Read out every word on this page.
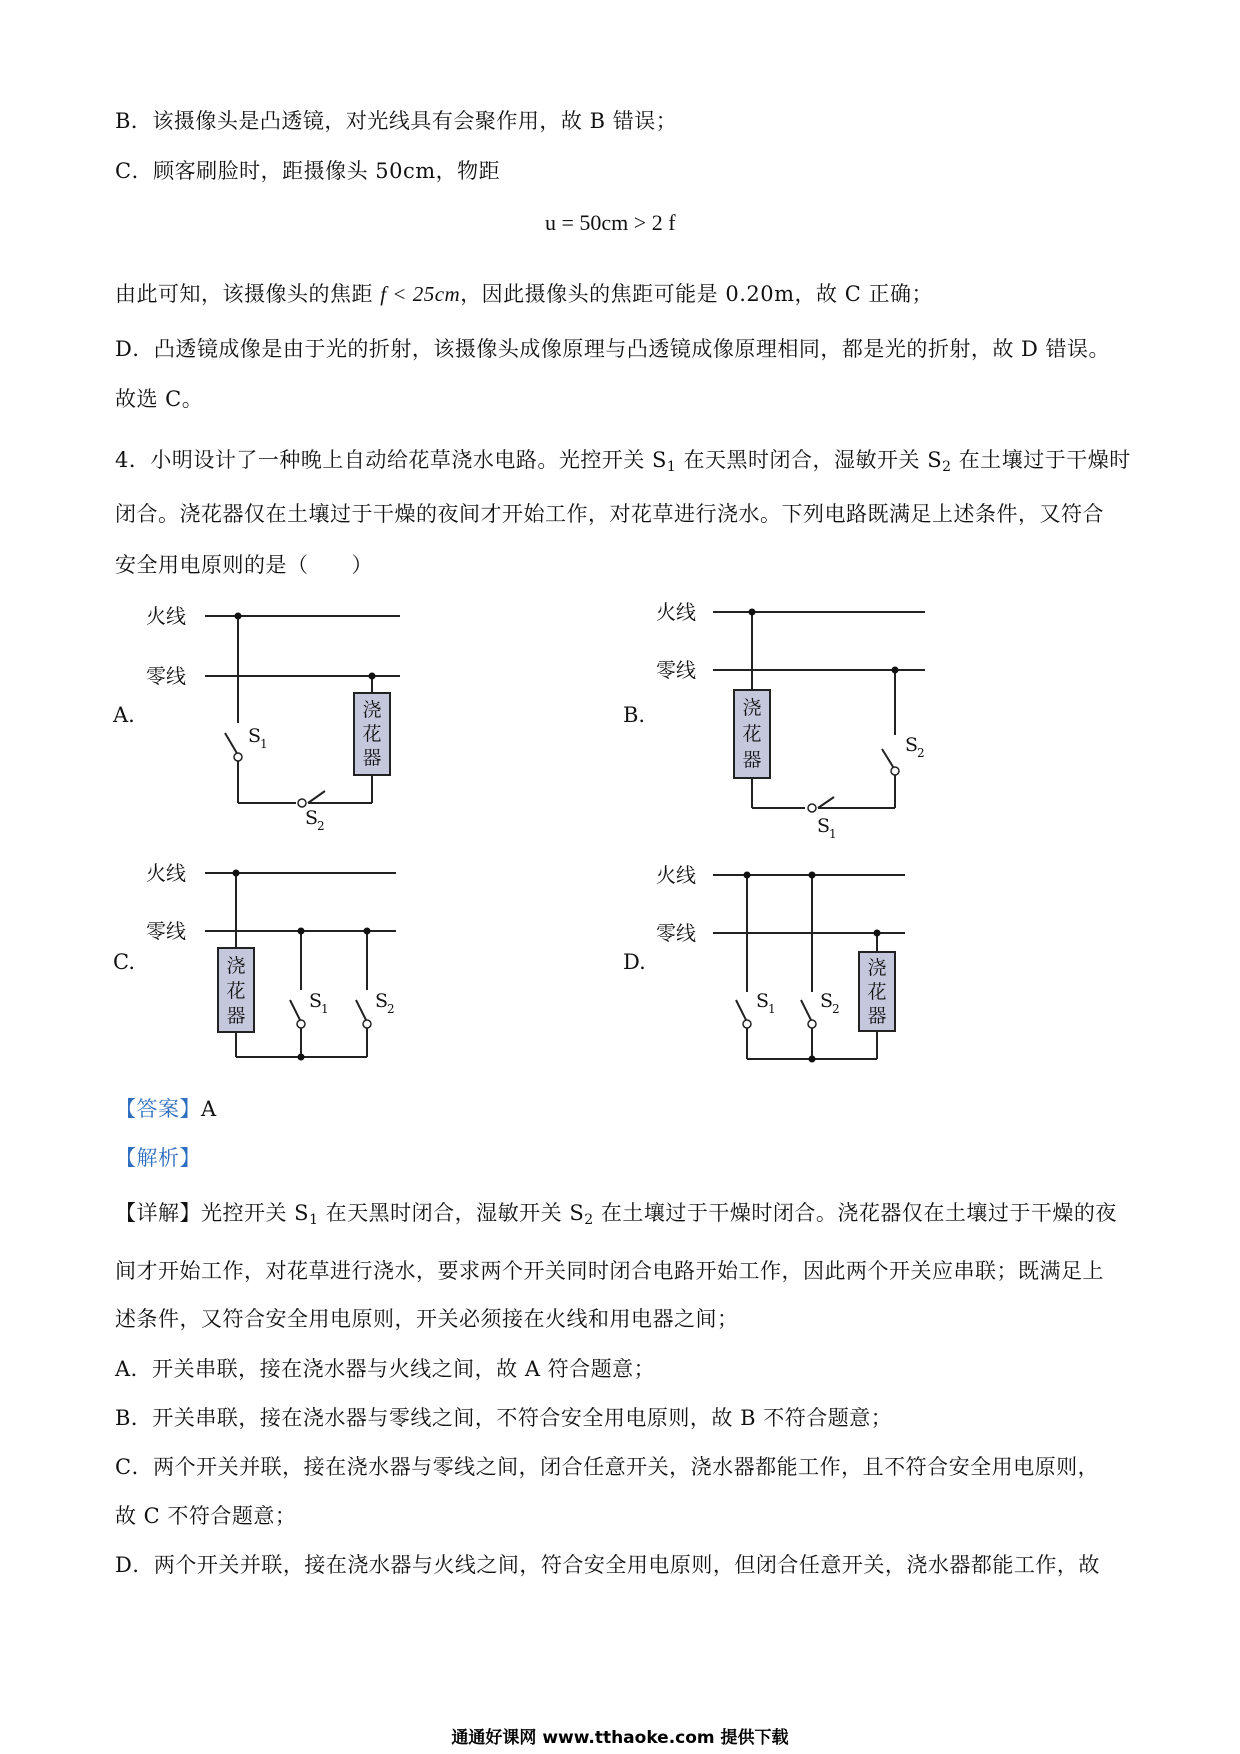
B．该摄像头是凸透镜，对光线具有会聚作用，故 B 错误；
C．顾客刷脸时，距摄像头 50cm，物距
u = 50cm > 2 f
由此可知，该摄像头的焦距 f < 25cm，因此摄像头的焦距可能是 0.20m，故 C 正确；
D．凸透镜成像是由于光的折射，该摄像头成像原理与凸透镜成像原理相同，都是光的折射，故 D 错误。
故选 C。
4．小明设计了一种晚上自动给花草浇水电路。光控开关 S1 在天黑时闭合，湿敏开关 S2 在土壤过于干燥时
闭合。浇花器仅在土壤过于干燥的夜间才开始工作，对花草进行浇水。下列电路既满足上述条件，又符合
安全用电原则的是（　　）
A.	B.
C.	D.
浇
花
器
浇
花
器
浇
花
器
浇
花
器
火线
零线
火线
零线
火线
零线
火线
零线
S
1
S
2	S
1
S
2
S
1 S
2	S
1 S
2
【答案】A
【解析】
【详解】光控开关 S1 在天黑时闭合，湿敏开关 S2 在土壤过于干燥时闭合。浇花器仅在土壤过于干燥的夜
间才开始工作，对花草进行浇水，要求两个开关同时闭合电路开始工作，因此两个开关应串联；既满足上
述条件，又符合安全用电原则，开关必须接在火线和用电器之间；
A．开关串联，接在浇水器与火线之间，故 A 符合题意；
B．开关串联，接在浇水器与零线之间，不符合安全用电原则，故 B 不符合题意；
C．两个开关并联，接在浇水器与零线之间，闭合任意开关，浇水器都能工作，且不符合安全用电原则，
故 C 不符合题意；
D．两个开关并联，接在浇水器与火线之间，符合安全用电原则，但闭合任意开关，浇水器都能工作，故
通通好课网 www.tthaoke.com 提供下载
